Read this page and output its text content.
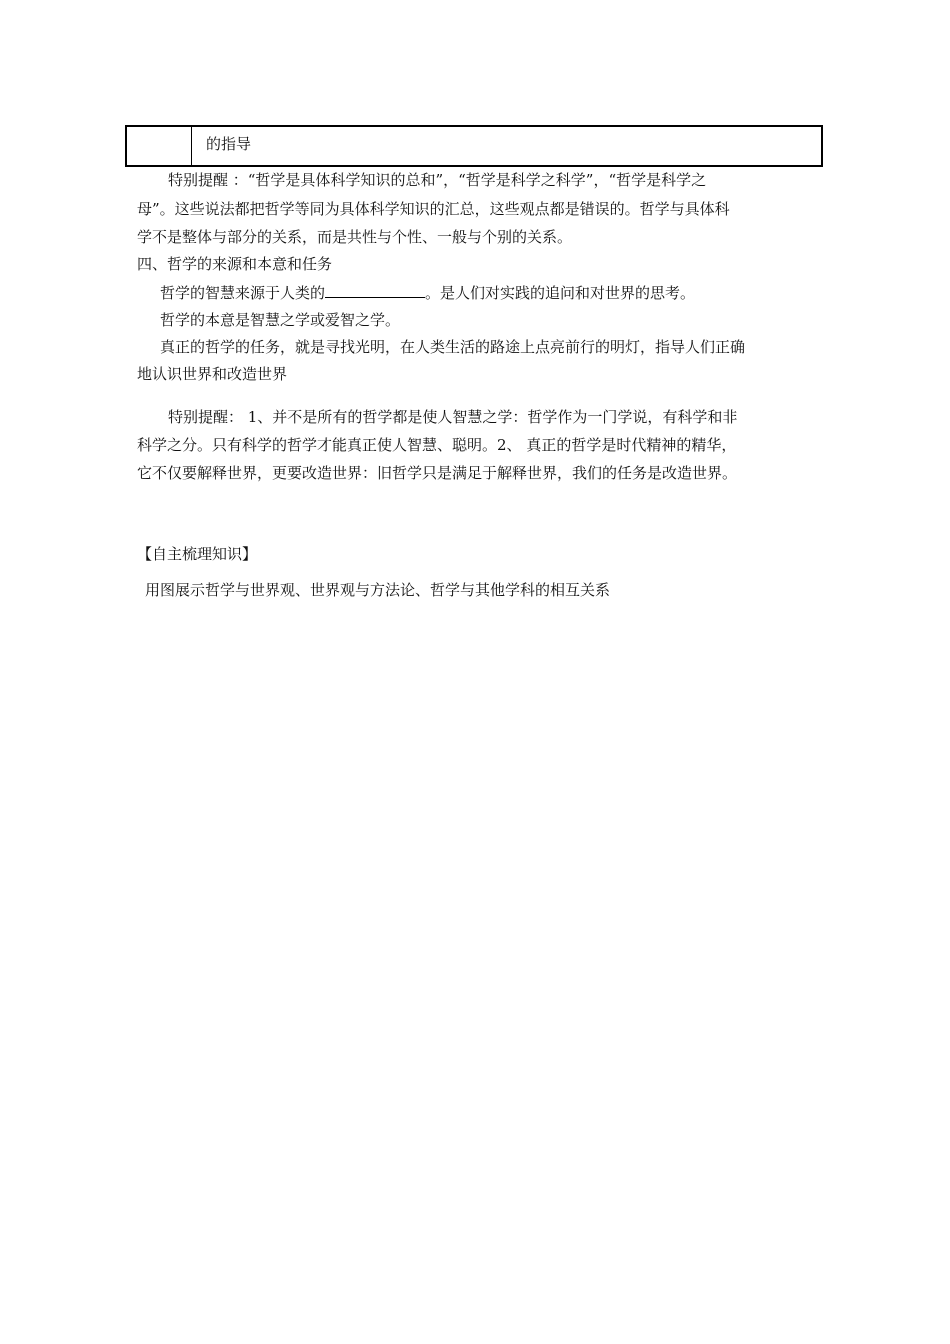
的指导
特别提醒 ：“哲学是具体科学知识的总和”，“哲学是科学之科学”，“哲学是科学之
母”。这些说法都把哲学等同为具体科学知识的汇总，这些观点都是错误的。哲学与具体科
学不是整体与部分的关系，而是共性与个性、一般与个别的关系。
四、哲学的来源和本意和任务
哲学的智慧来源于人类的	。是人们对实践的追问和对世界的思考。
哲学的本意是智慧之学或爱智之学。
真正的哲学的任务，就是寻找光明，在人类生活的路途上点亮前行的明灯，指导人们正确
地认识世界和改造世界
特别提醒： 1、并不是所有的哲学都是使人智慧之学：哲学作为一门学说，有科学和非
科学之分。只有科学的哲学才能真正使人智慧、聪明。2、 真正的哲学是时代精神的精华，
它不仅要解释世界，更要改造世界：旧哲学只是满足于解释世界，我们的任务是改造世界。
【自主梳理知识】
用图展示哲学与世界观、世界观与方法论、哲学与其他学科的相互关系
